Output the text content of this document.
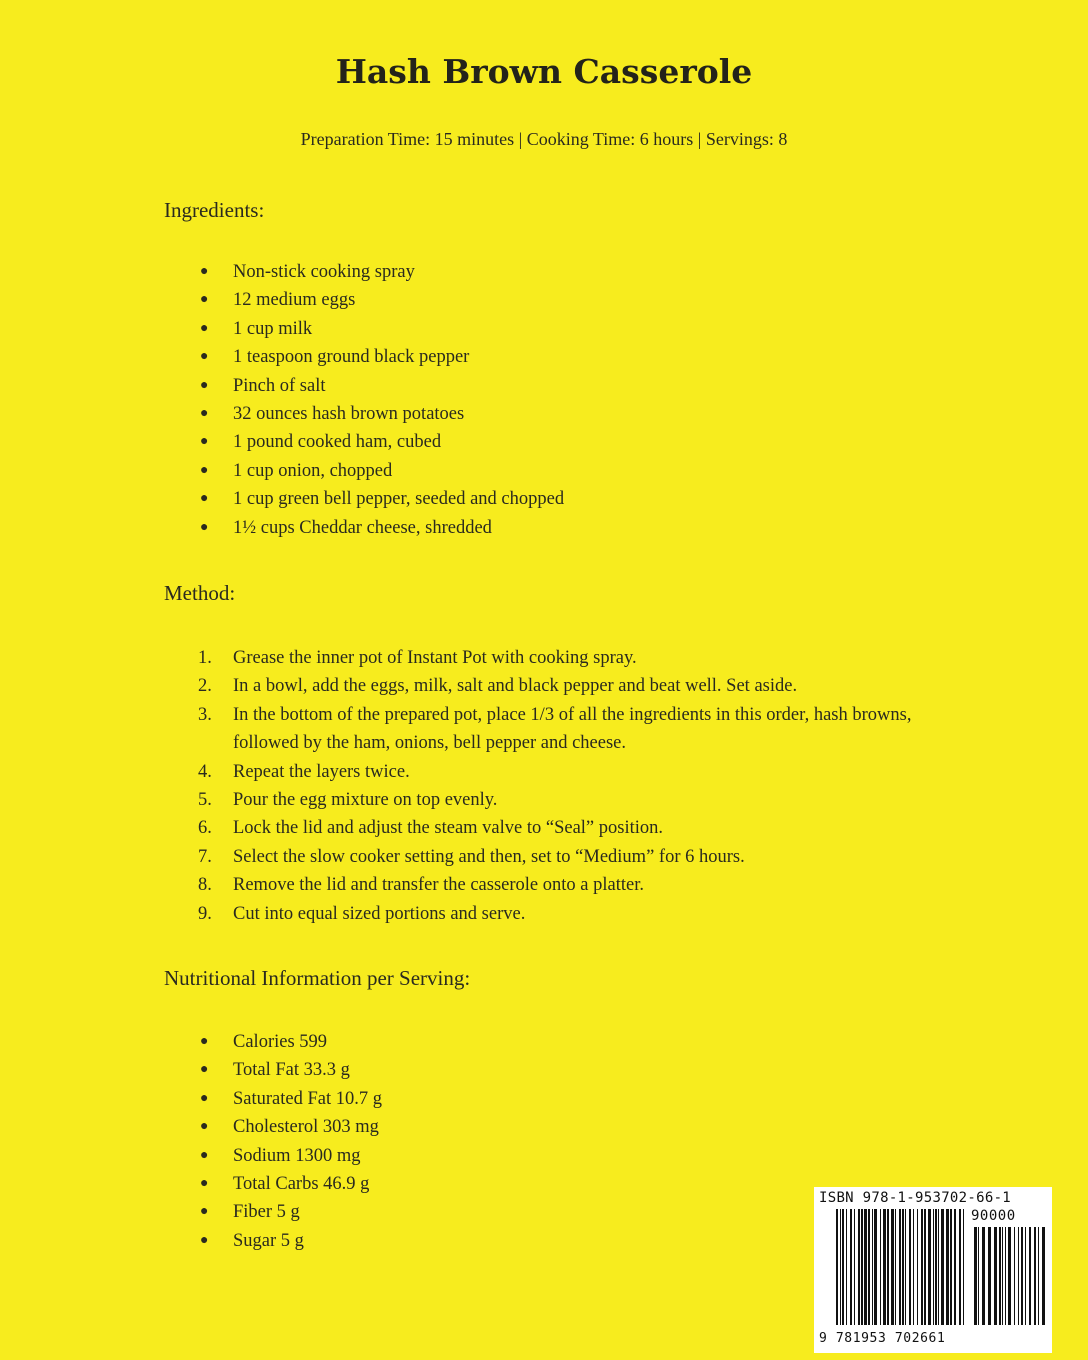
Hash Brown Casserole
Preparation Time: 15 minutes | Cooking Time: 6 hours | Servings: 8
Ingredients:
● Non-stick cooking spray
● 12 medium eggs
● 1 cup milk
● 1 teaspoon ground black pepper
● Pinch of salt
● 32 ounces hash brown potatoes
● 1 pound cooked ham, cubed
● 1 cup onion, chopped
● 1 cup green bell pepper, seeded and chopped
● 1½ cups Cheddar cheese, shredded
Method:
1.	Grease the inner pot of Instant Pot with cooking spray.
2.	In a bowl, add the eggs, milk, salt and black pepper and beat well. Set aside.
3.	In the bottom of the prepared pot, place 1/3 of all the ingredients in this order, hash browns, followed by the ham, onions, bell pepper and cheese.
4.	Repeat the layers twice.
5.	Pour the egg mixture on top evenly.
6.	Lock the lid and adjust the steam valve to “Seal” position.
7.	Select the slow cooker setting and then, set to “Medium” for 6 hours.
8.	Remove the lid and transfer the casserole onto a platter.
9.	Cut into equal sized portions and serve.
Nutritional Information per Serving:
● Calories 599
● Total Fat 33.3 g
● Saturated Fat 10.7 g
● Cholesterol 303 mg
● Sodium 1300 mg
● Total Carbs 46.9 g
● Fiber 5 g
● Sugar 5 g
ISBN 978-1-953702-66-1
90000
9 781953 702661
